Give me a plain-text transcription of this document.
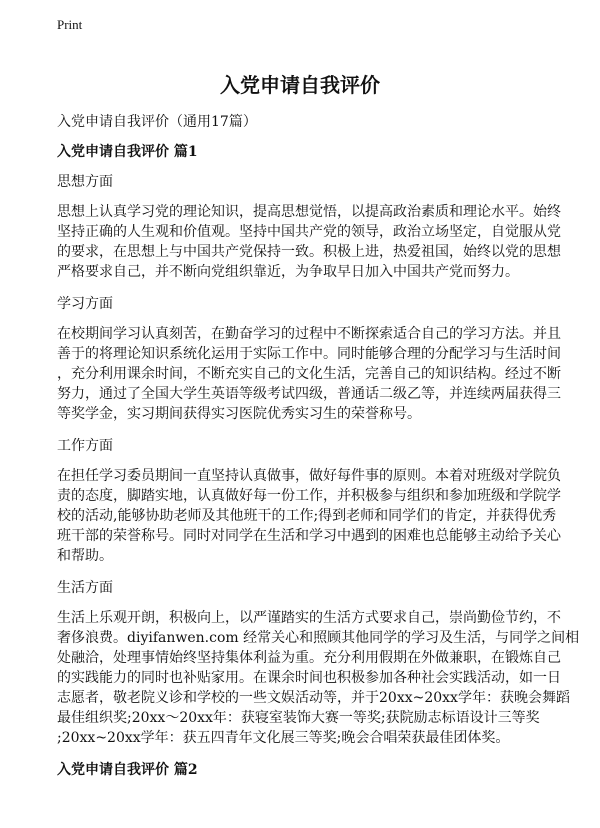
Print
入党申请自我评价
入党申请自我评价（通用17篇）
入党申请自我评价 篇1
思想方面
思想上认真学习党的理论知识，提高思想觉悟，以提高政治素质和理论水平。始终
坚持正确的人生观和价值观。坚持中国共产党的领导，政治立场坚定，自觉服从党
的要求，在思想上与中国共产党保持一致。积极上进，热爱祖国，始终以党的思想
严格要求自己，并不断向党组织靠近，为争取早日加入中国共产党而努力。
学习方面
在校期间学习认真刻苦，在勤奋学习的过程中不断探索适合自己的学习方法。并且
善于的将理论知识系统化运用于实际工作中。同时能够合理的分配学习与生活时间
，充分利用课余时间，不断充实自己的文化生活，完善自己的知识结构。经过不断
努力，通过了全国大学生英语等级考试四级，普通话二级乙等，并连续两届获得三
等奖学金，实习期间获得实习医院优秀实习生的荣誉称号。
工作方面
在担任学习委员期间一直坚持认真做事，做好每件事的原则。本着对班级对学院负
责的态度，脚踏实地，认真做好每一份工作，并积极参与组织和参加班级和学院学
校的活动,能够协助老师及其他班干的工作;得到老师和同学们的肯定，并获得优秀
班干部的荣誉称号。同时对同学在生活和学习中遇到的困难也总能够主动给予关心
和帮助。
生活方面
生活上乐观开朗，积极向上，以严谨踏实的生活方式要求自己，崇尚勤俭节约，不
奢侈浪费。diyifanwen.com 经常关心和照顾其他同学的学习及生活，与同学之间相
处融洽，处理事情始终坚持集体利益为重。充分利用假期在外做兼职，在锻炼自己
的实践能力的同时也补贴家用。在课余时间也积极参加各种社会实践活动，如一日
志愿者，敬老院义诊和学校的一些文娱活动等，并于20xx~20xx学年：获晚会舞蹈
最佳组织奖;20xx～20xx年：获寝室装饰大赛一等奖;获院励志标语设计三等奖
;20xx~20xx学年：获五四青年文化展三等奖;晚会合唱荣获最佳团体奖。
入党申请自我评价 篇2
